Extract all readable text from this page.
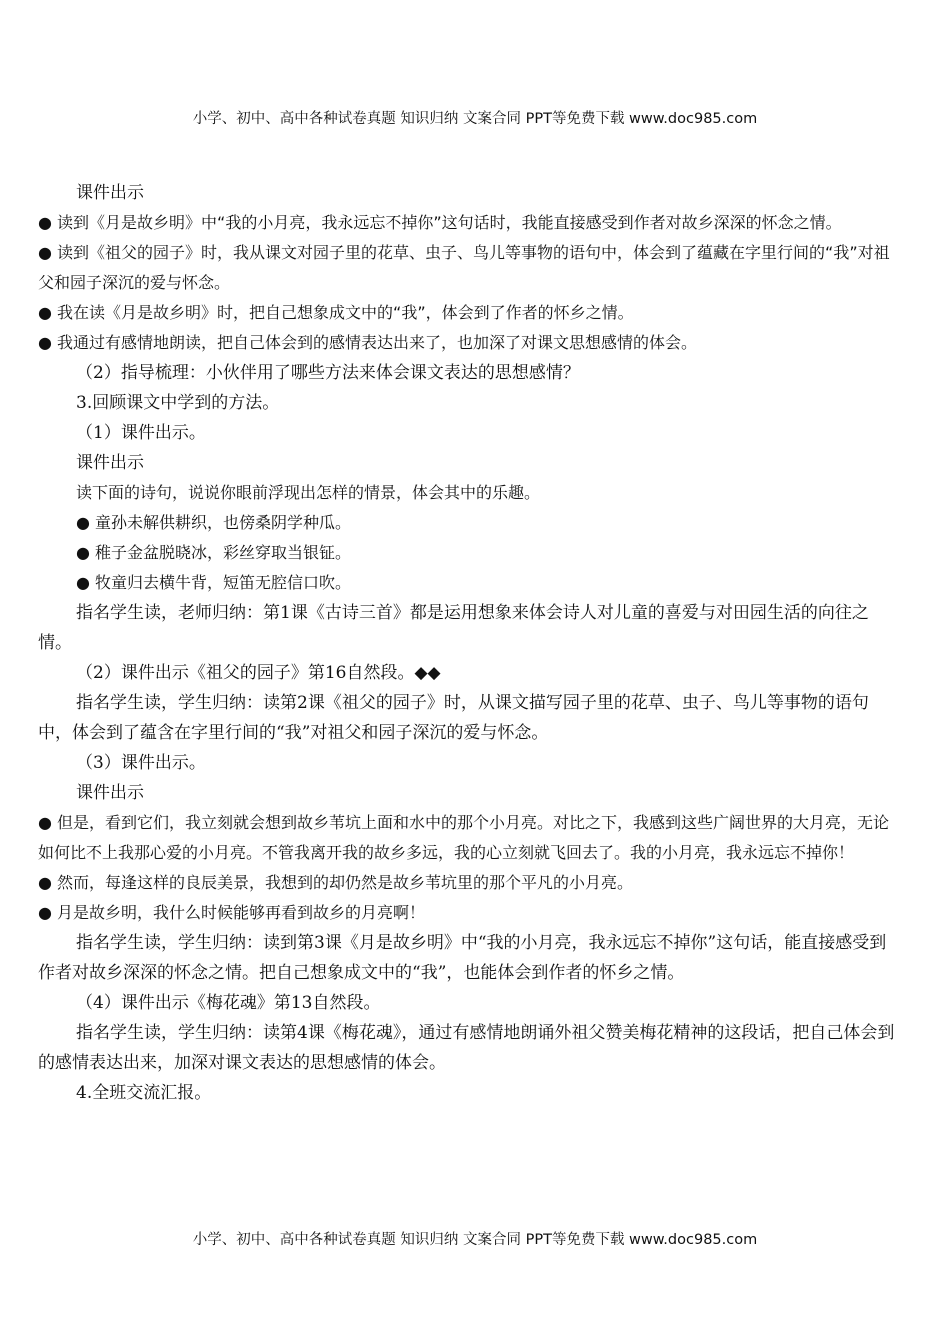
小学、初中、高中各种试卷真题 知识归纳 文案合同 PPT等免费下载 www.doc985.com

课件出示

● 读到《月是故乡明》中“我的小月亮，我永远忘不掉你”这句话时，我能直接感受到作者对故乡深深的怀念之情。

● 读到《祖父的园子》时，我从课文对园子里的花草、虫子、鸟儿等事物的语句中，体会到了蕴藏在字里行间的“我”对祖父和园子深沉的爱与怀念。

● 我在读《月是故乡明》时，把自己想象成文中的“我”，体会到了作者的怀乡之情。

● 我通过有感情地朗读，把自己体会到的感情表达出来了，也加深了对课文思想感情的体会。

（2）指导梳理：小伙伴用了哪些方法来体会课文表达的思想感情？

3.回顾课文中学到的方法。

（1）课件出示。

课件出示

读下面的诗句，说说你眼前浮现出怎样的情景，体会其中的乐趣。

● 童孙未解供耕织，也傍桑阴学种瓜。

● 稚子金盆脱晓冰，彩丝穿取当银钲。

● 牧童归去横牛背，短笛无腔信口吹。

指名学生读，老师归纳：第1课《古诗三首》都是运用想象来体会诗人对儿童的喜爱与对田园生活的向往之情。

（2）课件出示《祖父的园子》第16自然段。◆◆

指名学生读，学生归纳：读第2课《祖父的园子》时，从课文描写园子里的花草、虫子、鸟儿等事物的语句中，体会到了蕴含在字里行间的“我”对祖父和园子深沉的爱与怀念。

（3）课件出示。

课件出示

● 但是，看到它们，我立刻就会想到故乡苇坑上面和水中的那个小月亮。对比之下，我感到这些广阔世界的大月亮，无论如何比不上我那心爱的小月亮。不管我离开我的故乡多远，我的心立刻就飞回去了。我的小月亮，我永远忘不掉你！

● 然而，每逢这样的良辰美景，我想到的却仍然是故乡苇坑里的那个平凡的小月亮。

● 月是故乡明，我什么时候能够再看到故乡的月亮啊！

指名学生读，学生归纳：读到第3课《月是故乡明》中“我的小月亮，我永远忘不掉你”这句话，能直接感受到作者对故乡深深的怀念之情。把自己想象成文中的“我”，也能体会到作者的怀乡之情。

（4）课件出示《梅花魂》第13自然段。

指名学生读，学生归纳：读第4课《梅花魂》，通过有感情地朗诵外祖父赞美梅花精神的这段话，把自己体会到的感情表达出来，加深对课文表达的思想感情的体会。

4.全班交流汇报。

小学、初中、高中各种试卷真题 知识归纳 文案合同 PPT等免费下载 www.doc985.com
